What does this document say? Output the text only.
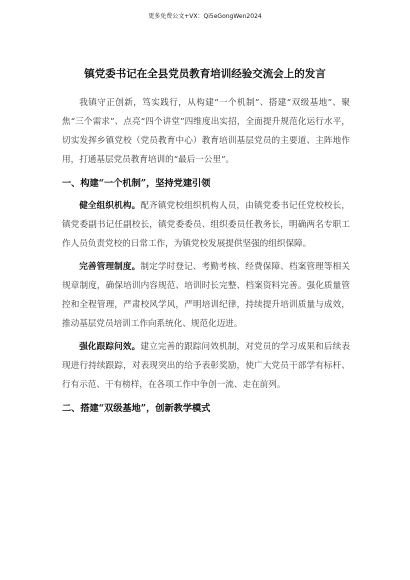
更多免费公文+VX：Qi5eGongWen2024
镇党委书记在全县党员教育培训经验交流会上的发言

我镇守正创新，笃实践行，从构建“一个机制”、搭建“双级基地”、聚焦“三个需求”、点亮“四个讲堂”四维度出实招，全面提升规范化运行水平，切实发挥乡镇党校（党员教育中心）教育培训基层党员的主要道、主阵地作用，打通基层党员教育培训的“最后一公里”。

一、构建“一个机制”，坚持党建引领

健全组织机构。配齐镇党校组织机构人员，由镇党委书记任党校校长，镇党委副书记任副校长，镇党委委员、组织委员任教务长，明确两名专职工作人员负责党校的日常工作，为镇党校发展提供坚强的组织保障。

完善管理制度。制定学时登记、考勤考核、经费保障、档案管理等相关规章制度，确保培训内容规范、培训时长完整、档案资料完善。强化质量管控和全程管理，严肃校风学风，严明培训纪律，持续提升培训质量与成效，推动基层党员培训工作向系统化、规范化迈进。

强化跟踪问效。建立完善的跟踪问效机制，对党员的学习成果和后续表现进行持续跟踪，对表现突出的给予表彰奖励，使广大党员干部学有标杆、行有示范、干有榜样，在各项工作中争创一流、走在前列。

二、搭建“双级基地”，创新教学模式
